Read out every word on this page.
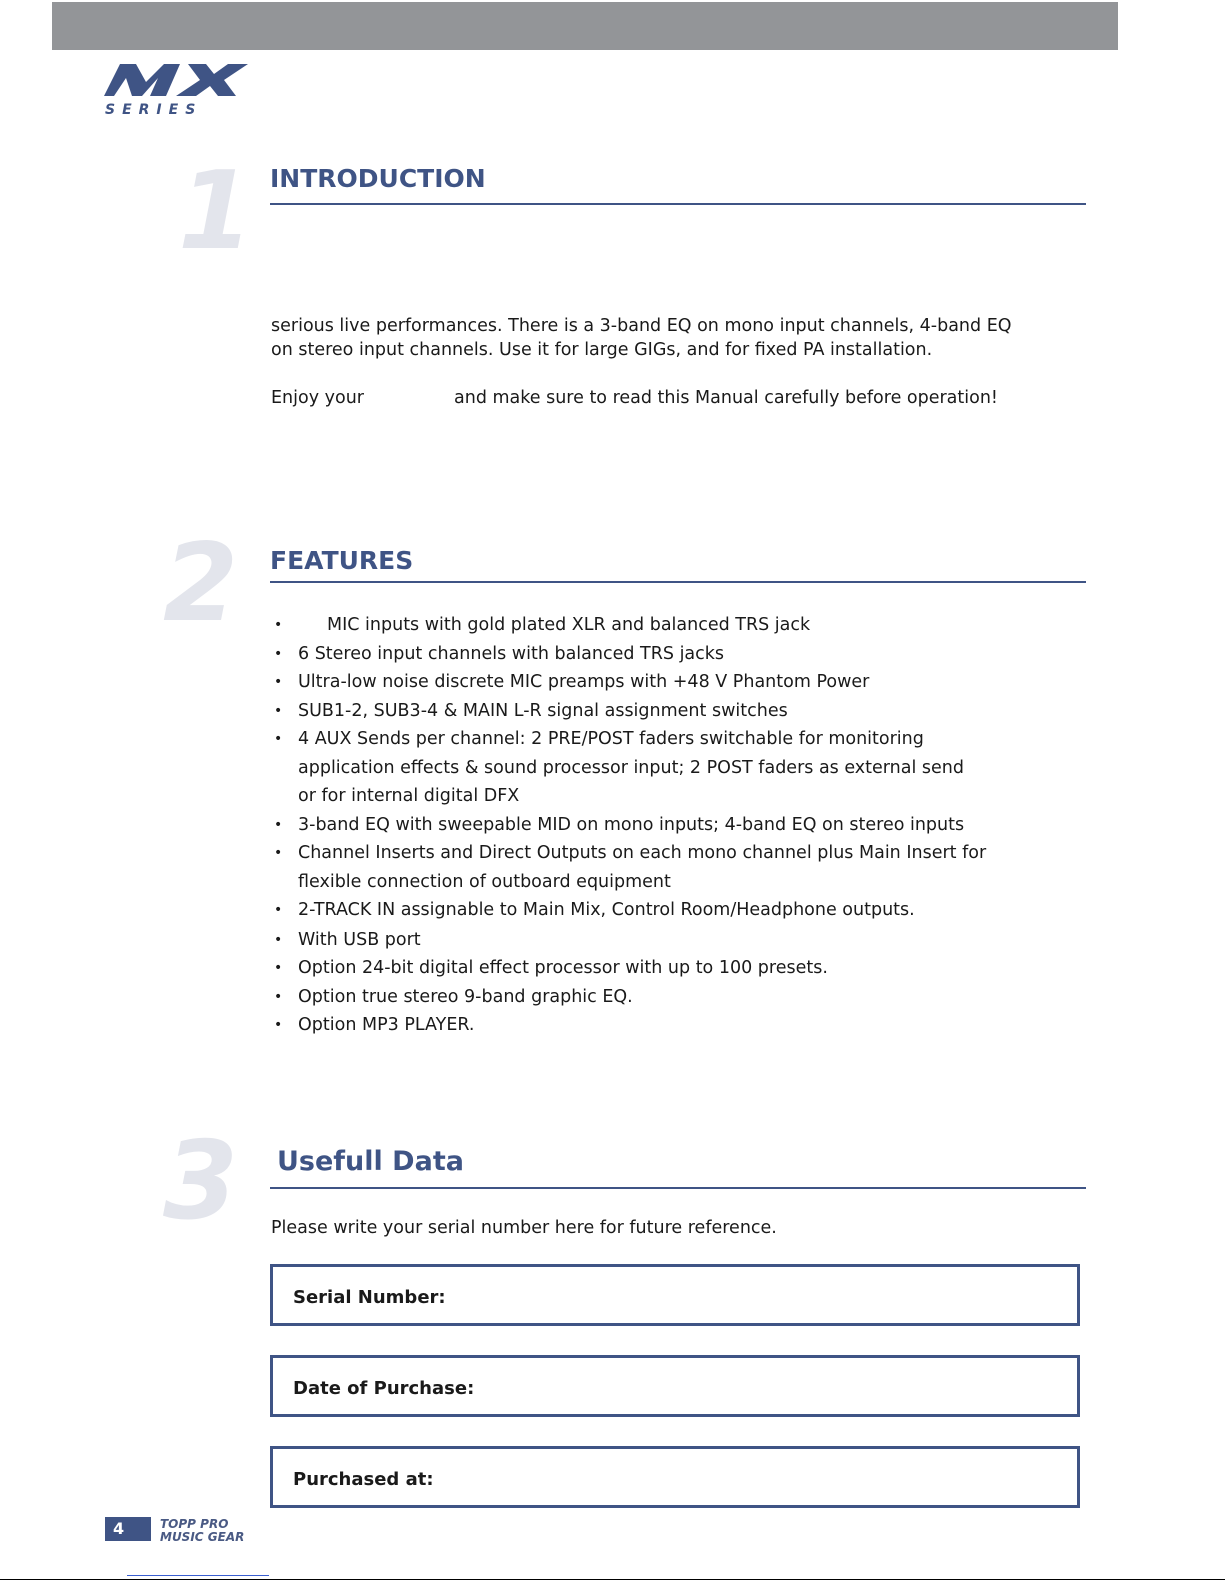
SERIES
1 INTRODUCTION

serious live performances. There is a 3-band EQ on mono input channels, 4-band EQ

on stereo input channels. Use it for large GIGs, and for fixed PA installation.

Enjoy your	and make sure to read this Manual carefully before operation!
2 FEATURES
•	MIC inputs with gold plated XLR and balanced TRS jack
• 6 Stereo input channels with balanced TRS jacks
• Ultra-low noise discrete MIC preamps with +48 V Phantom Power
• SUB1-2, SUB3-4 & MAIN L-R signal assignment switches
• 4 AUX Sends per channel: 2 PRE/POST faders switchable for monitoring application effects & sound processor input; 2 POST faders as external send or for internal digital DFX
• 3-band EQ with sweepable MID on mono inputs; 4-band EQ on stereo inputs
• Channel Inserts and Direct Outputs on each mono channel plus Main Insert for flexible connection of outboard equipment
• 2-TRACK IN assignable to Main Mix, Control Room/Headphone outputs.
• With USB port
• Option 24-bit digital effect processor with up to 100 presets.
• Option true stereo 9-band graphic EQ.
• Option MP3 PLAYER.
3 Usefull Data
Please write your serial number here for future reference.
Serial Number:
Date of Purchase:
Purchased at:
4	TOPP PRO
MUSIC GEAR
